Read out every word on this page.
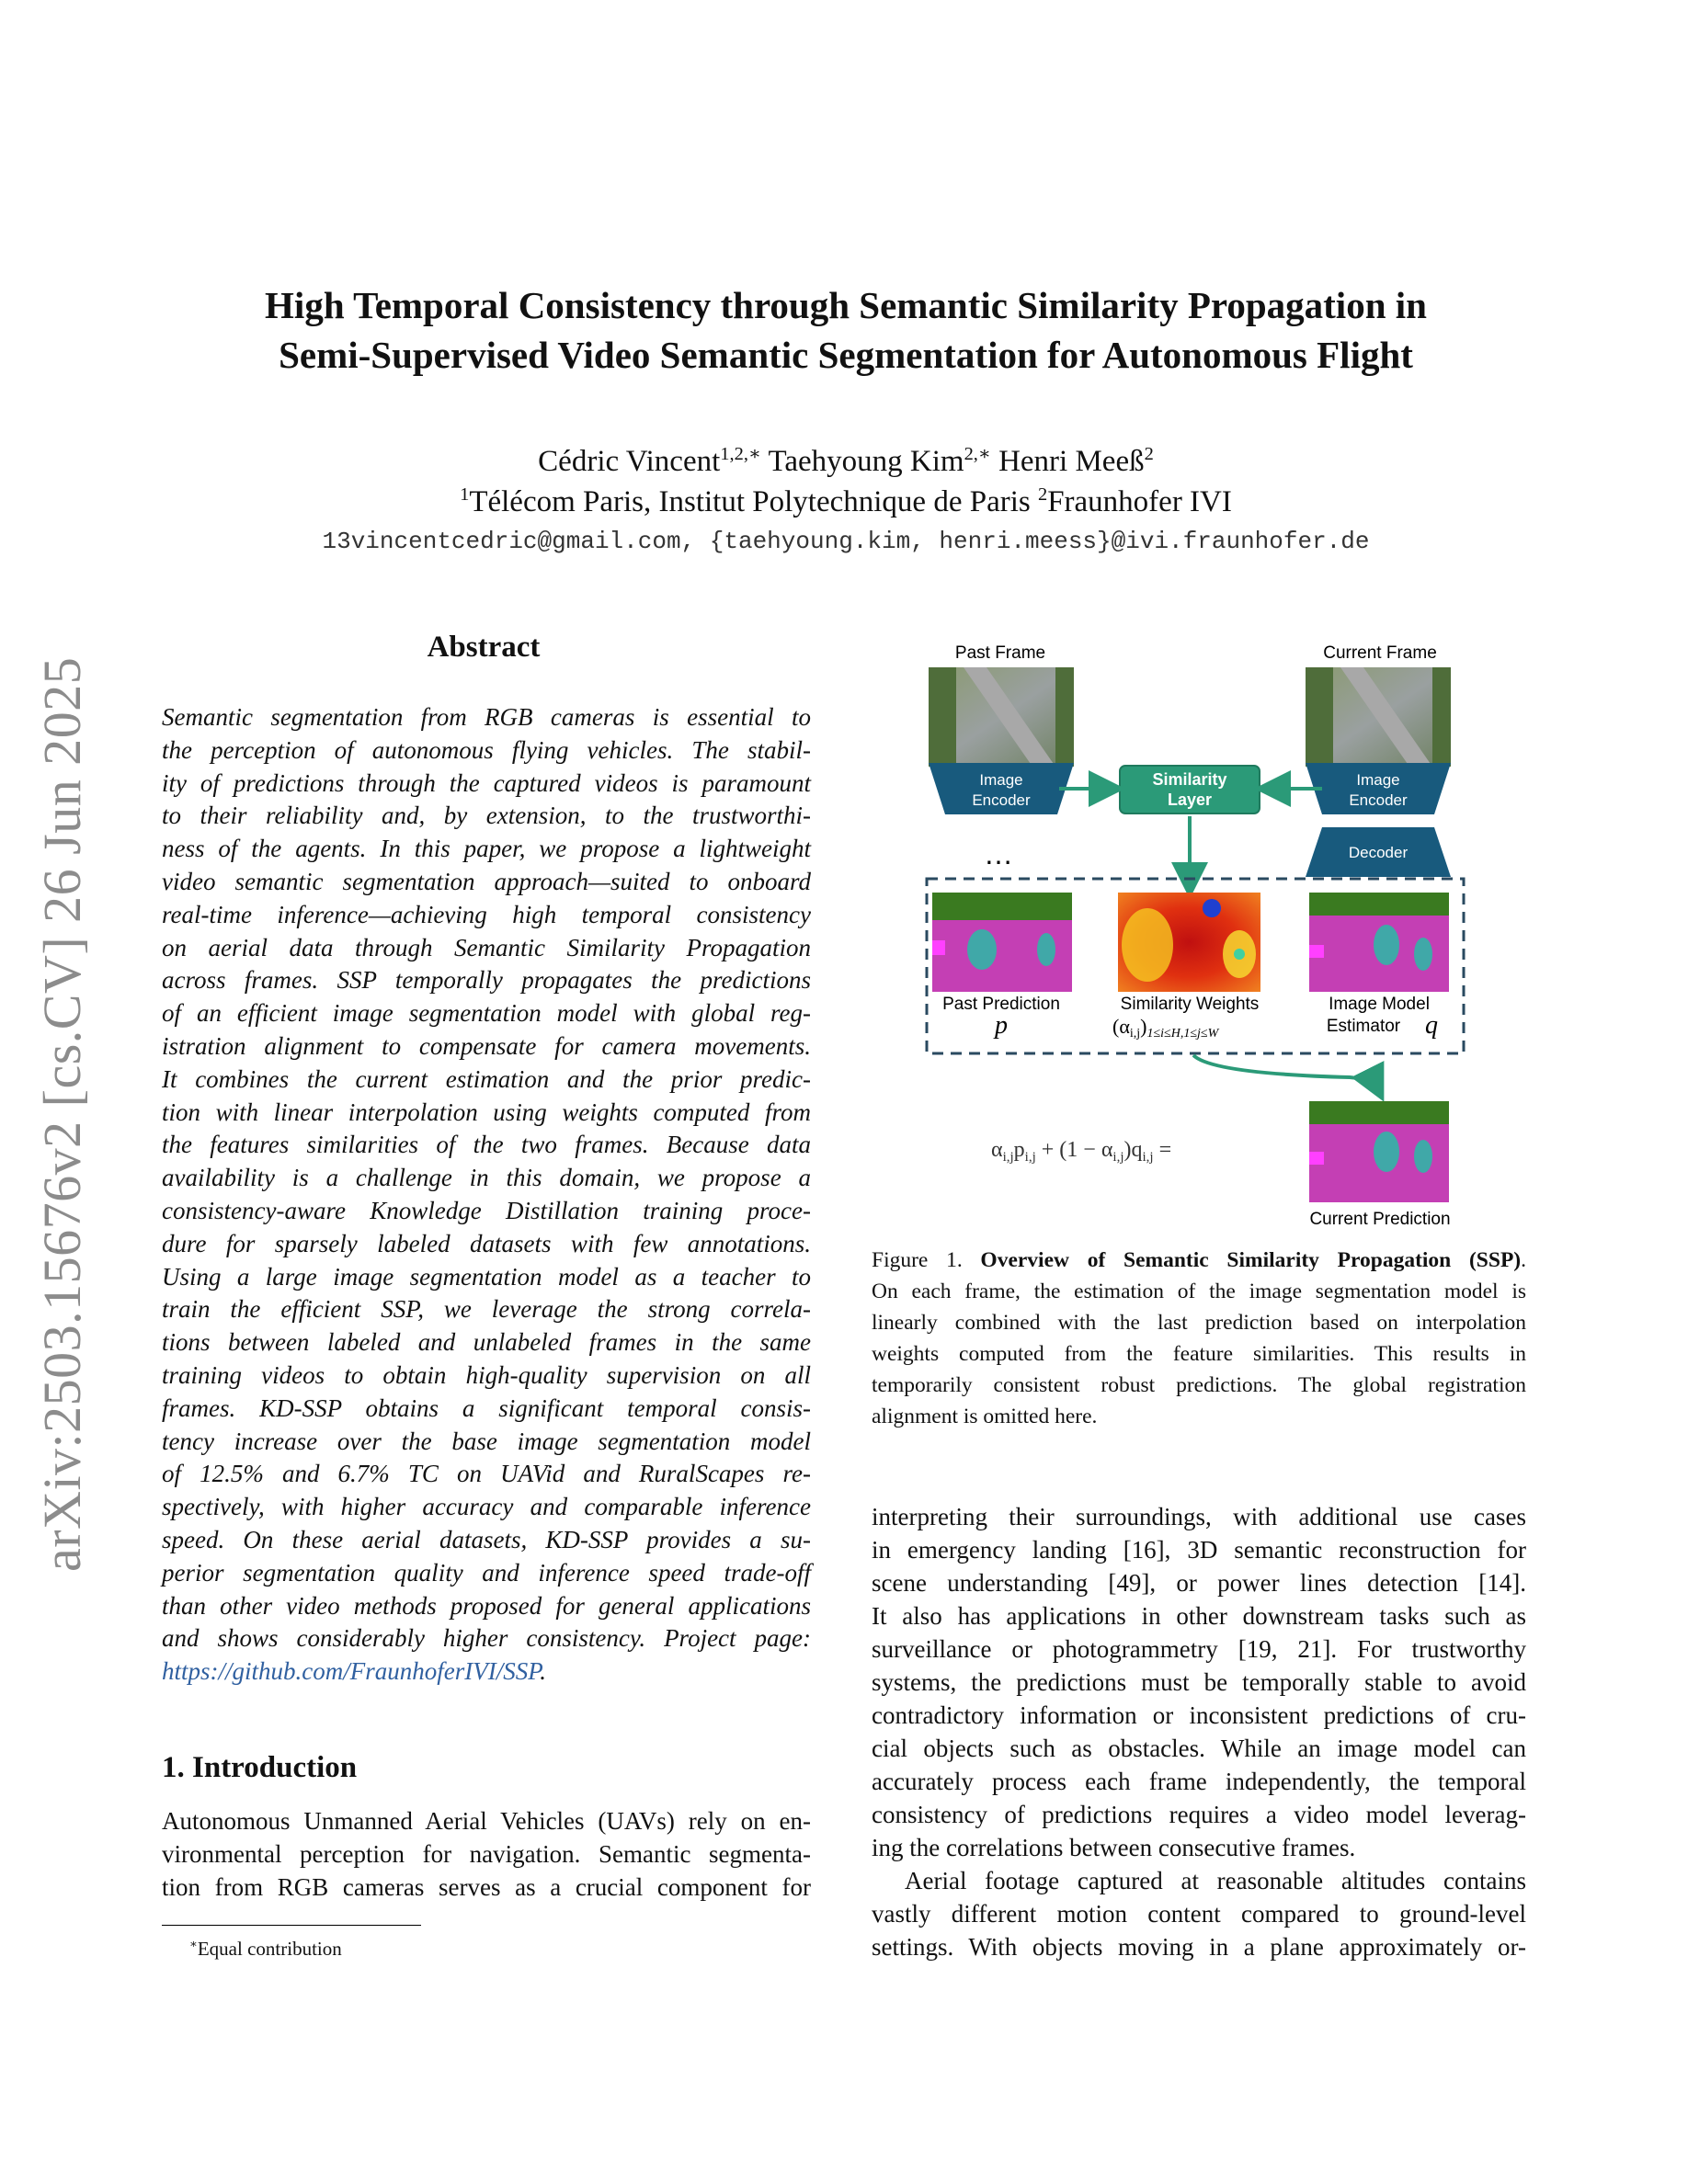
arXiv:2503.15676v2 [cs.CV] 26 Jun 2025
High Temporal Consistency through Semantic Similarity Propagation in
Semi-Supervised Video Semantic Segmentation for Autonomous Flight
Cédric Vincent$^{1,2,∗}$ Taehyoung Kim$^{2,∗}$ Henri Meeß$^2$
$^1$Télécom Paris, Institut Polytechnique de Paris $^2$Fraunhofer IVI
13vincentcedric@gmail.com, {taehyoung.kim, henri.meess}@ivi.fraunhofer.de
Abstract
Semantic segmentation from RGB cameras is essential to
the perception of autonomous flying vehicles. The stabil-
ity of predictions through the captured videos is paramount
to their reliability and, by extension, to the trustworthi-
ness of the agents. In this paper, we propose a lightweight
video semantic segmentation approach—suited to onboard
real-time inference—achieving high temporal consistency
on aerial data through Semantic Similarity Propagation
across frames. SSP temporally propagates the predictions
of an efficient image segmentation model with global reg-
istration alignment to compensate for camera movements.
It combines the current estimation and the prior predic-
tion with linear interpolation using weights computed from
the features similarities of the two frames. Because data
availability is a challenge in this domain, we propose a
consistency-aware Knowledge Distillation training proce-
dure for sparsely labeled datasets with few annotations.
Using a large image segmentation model as a teacher to
train the efficient SSP, we leverage the strong correla-
tions between labeled and unlabeled frames in the same
training videos to obtain high-quality supervision on all
frames. KD-SSP obtains a significant temporal consis-
tency increase over the base image segmentation model
of 12.5% and 6.7% TC on UAVid and RuralScapes re-
spectively, with higher accuracy and comparable inference
speed. On these aerial datasets, KD-SSP provides a su-
perior segmentation quality and inference speed trade-off
than other video methods proposed for general applications
and shows considerably higher consistency. Project page:
https://github.com/FraunhoferIVI/SSP.
1. Introduction
Autonomous Unmanned Aerial Vehicles (UAVs) rely on en-
vironmental perception for navigation. Semantic segmenta-
tion from RGB cameras serves as a crucial component for
∗Equal contribution
Past Frame	Current Frame
Image
Encoder
Image
Encoder
Similarity
Layer
Decoder
…
Past Prediction
p
Similarity Weights
(αi,j)1≤i≤H,1≤j≤W
Image Model
Estimator q
$\alpha_{i,j}p_{i,j} + (1 - \alpha_{i,j})q_{i,j}$ =
Current Prediction
Figure 1. Overview of Semantic Similarity Propagation (SSP).
On each frame, the estimation of the image segmentation model is
linearly combined with the last prediction based on interpolation
weights computed from the feature similarities. This results in
temporarily consistent robust predictions. The global registration
alignment is omitted here.
interpreting their surroundings, with additional use cases
in emergency landing [16], 3D semantic reconstruction for
scene understanding [49], or power lines detection [14].
It also has applications in other downstream tasks such as
surveillance or photogrammetry [19, 21]. For trustworthy
systems, the predictions must be temporally stable to avoid
contradictory information or inconsistent predictions of cru-
cial objects such as obstacles. While an image model can
accurately process each frame independently, the temporal
consistency of predictions requires a video model leverag-
ing the correlations between consecutive frames.
Aerial footage captured at reasonable altitudes contains
vastly different motion content compared to ground-level
settings. With objects moving in a plane approximately or-
